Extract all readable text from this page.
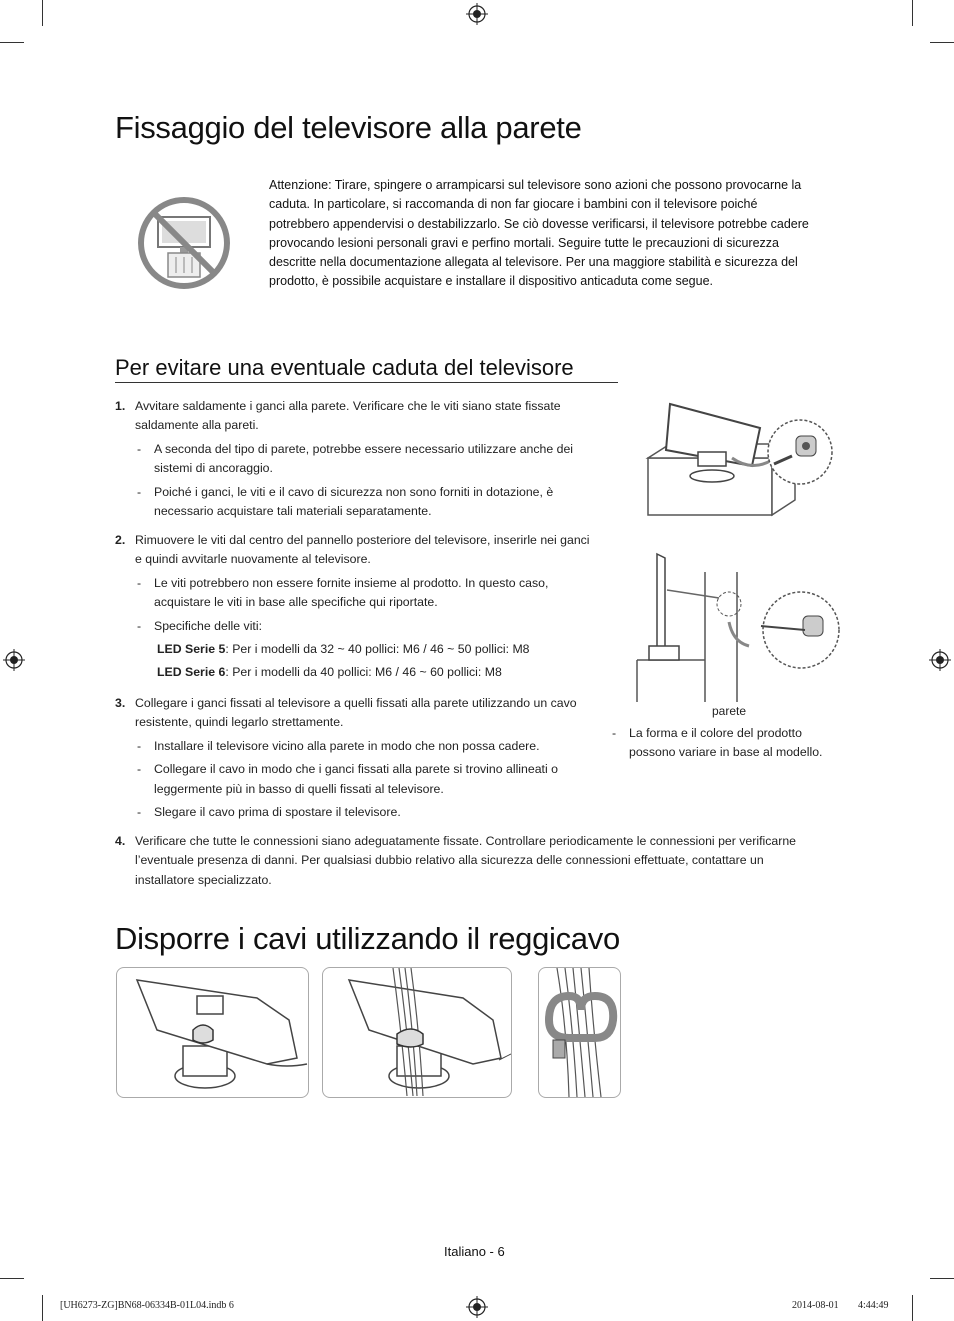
Fissaggio del televisore alla parete
Attenzione: Tirare, spingere o arrampicarsi sul televisore sono azioni che possono provocarne la caduta. In particolare, si raccomanda di non far giocare i bambini con il televisore poiché potrebbero appendervisi o destabilizzarlo. Se ciò dovesse verificarsi, il televisore potrebbe cadere provocando lesioni personali gravi e perfino mortali. Seguire tutte le precauzioni di sicurezza descritte nella documentazione allegata al televisore. Per una maggiore stabilità e sicurezza del prodotto, è possibile acquistare e installare il dispositivo anticaduta come segue.
Per evitare una eventuale caduta del televisore
1. Avvitare saldamente i ganci alla parete. Verificare che le viti siano state fissate saldamente alla pareti.
- A seconda del tipo di parete, potrebbe essere necessario utilizzare anche dei sistemi di ancoraggio.
- Poiché i ganci, le viti e il cavo di sicurezza non sono forniti in dotazione, è necessario acquistare tali materiali separatamente.
2. Rimuovere le viti dal centro del pannello posteriore del televisore, inserirle nei ganci e quindi avvitarle nuovamente al televisore.
- Le viti potrebbero non essere fornite insieme al prodotto. In questo caso, acquistare le viti in base alle specifiche qui riportate.
- Specifiche delle viti:
LED Serie 5: Per i modelli da 32 ~ 40 pollici: M6 / 46 ~ 50 pollici: M8
LED Serie 6: Per i modelli da 40 pollici: M6 / 46 ~ 60 pollici: M8
3. Collegare i ganci fissati al televisore a quelli fissati alla parete utilizzando un cavo resistente, quindi legarlo strettamente.
- Installare il televisore vicino alla parete in modo che non possa cadere.
- Collegare il cavo in modo che i ganci fissati alla parete si trovino allineati o leggermente più in basso di quelli fissati al televisore.
- Slegare il cavo prima di spostare il televisore.
4. Verificare che tutte le connessioni siano adeguatamente fissate. Controllare periodicamente le connessioni per verificarne l’eventuale presenza di danni. Per qualsiasi dubbio relativo alla sicurezza delle connessioni effettuate, contattare un installatore specializzato.
parete
- La forma e il colore del prodotto possono variare in base al modello.
Disporre i cavi utilizzando il reggicavo
Italiano - 6
[UH6273-ZG]BN68-06334B-01L04.indb 6	2014-08-01 4:44:49
